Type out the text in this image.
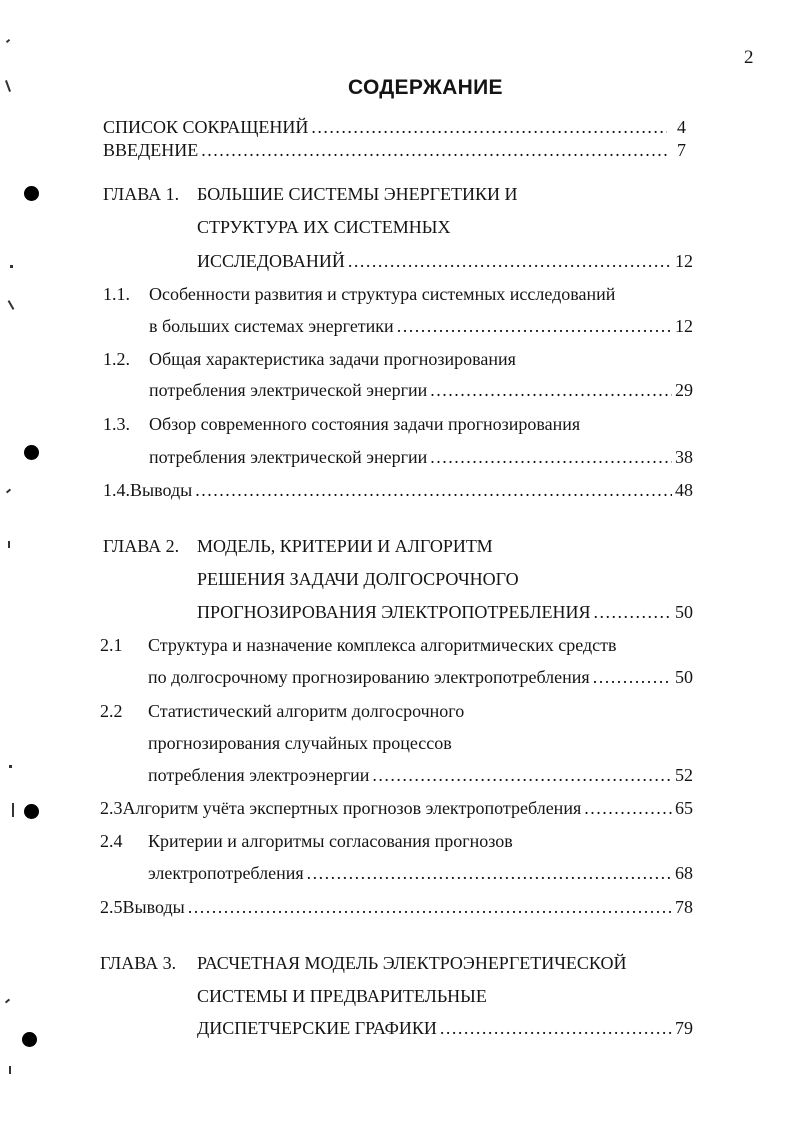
2
СОДЕРЖАНИЕ
СПИСОК СОКРАЩЕНИЙ .....	4
ВВЕДЕНИЕ .....	7
ГЛАВА 1. БОЛЬШИЕ СИСТЕМЫ ЭНЕРГЕТИКИ И
СТРУКТУРА ИХ СИСТЕМНЫХ
ИССЛЕДОВАНИЙ .....	12
1.1.	Особенности развития и структура системных исследований
в больших системах энергетики .....	12
1.2.	Общая характеристика задачи прогнозирования
потребления электрической энергии .....	29
1.3.	Обзор современного состояния задачи прогнозирования
потребления электрической энергии .....	38
1.4. Выводы .....	48
ГЛАВА 2. МОДЕЛЬ, КРИТЕРИИ И АЛГОРИТМ
РЕШЕНИЯ ЗАДАЧИ ДОЛГОСРОЧНОГО
ПРОГНОЗИРОВАНИЯ ЭЛЕКТРОПОТРЕБЛЕНИЯ .....	50
2.1	Структура и назначение комплекса алгоритмических средств
по долгосрочному прогнозированию электропотребления .....	50
2.2	Статистический алгоритм долгосрочного
прогнозирования случайных процессов
потребления электроэнергии .....	52
2.3 Алгоритм учёта экспертных прогнозов электропотребления .....	65
2.4	Критерии и алгоритмы согласования прогнозов
электропотребления .....	68
2.5 Выводы .....	78
ГЛАВА 3.	РАСЧЕТНАЯ МОДЕЛЬ ЭЛЕКТРОЭНЕРГЕТИЧЕСКОЙ
СИСТЕМЫ И ПРЕДВАРИТЕЛЬНЫЕ
ДИСПЕТЧЕРСКИЕ ГРАФИКИ .....	79
